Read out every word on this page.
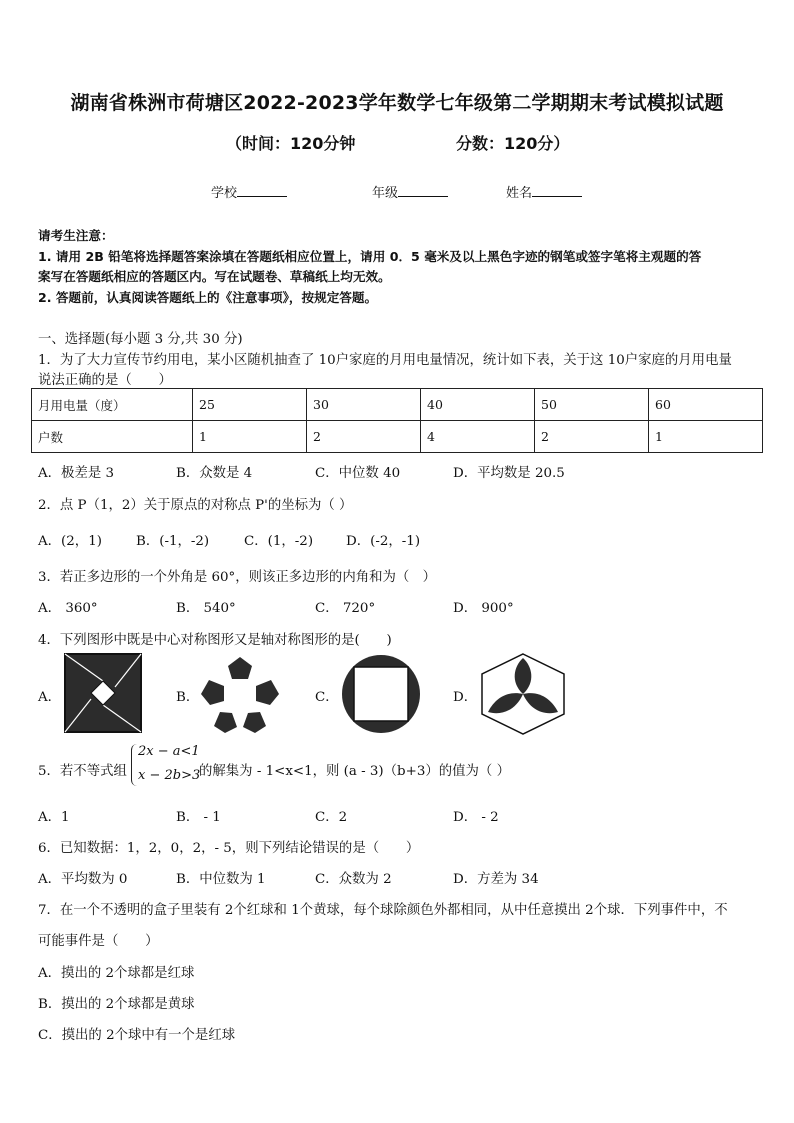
湖南省株洲市荷塘区2022-2023学年数学七年级第二学期期末考试模拟试题
（时间：120分钟	分数：120分）
学校	年级	姓名
请考生注意：
1. 请用 2B 铅笔将选择题答案涂填在答题纸相应位置上，请用 0．5 毫米及以上黑色字迹的钢笔或签字笔将主观题的答
案写在答题纸相应的答题区内。写在试题卷、草稿纸上均无效。
2. 答题前，认真阅读答题纸上的《注意事项》，按规定答题。
一、选择题(每小题 3 分,共 30 分)
1．为了大力宣传节约用电，某小区随机抽查了 10户家庭的月用电量情况，统计如下表，关于这 10户家庭的月用电量
说法正确的是（　　）
月用电量（度）	25	30	40	50	60
户数	1	2	4	2	1
A．极差是 3	B．众数是 4	C．中位数 40	D．平均数是 20.5
2．点 P（1，2）关于原点的对称点 P'的坐标为（ ）
A．(2，1)	B．(-1，-2)	C．(1，-2) D．(-2，-1)
3．若正多边形的一个外角是 60°，则该正多边形的内角和为（　）
A． 360°	B． 540°	C． 720°	D． 900°
4．下列图形中既是中心对称图形又是轴对称图形的是(　　)
A．	B．	C．	D．
5．若不等式组
2x − a<1
x − 2b>3
的解集为 - 1<x<1，则 (a - 3)（b+3）的值为（ ）
A．1	B． - 1	C．2	D． - 2
6．已知数据：1，2，0，2，- 5，则下列结论错误的是（　　）
A．平均数为 0	B．中位数为 1	C．众数为 2	D．方差为 34
7．在一个不透明的盒子里装有 2个红球和 1个黄球，每个球除颜色外都相同，从中任意摸出 2个球．下列事件中，不
可能事件是（　　）
A．摸出的 2个球都是红球
B．摸出的 2个球都是黄球
C．摸出的 2个球中有一个是红球
